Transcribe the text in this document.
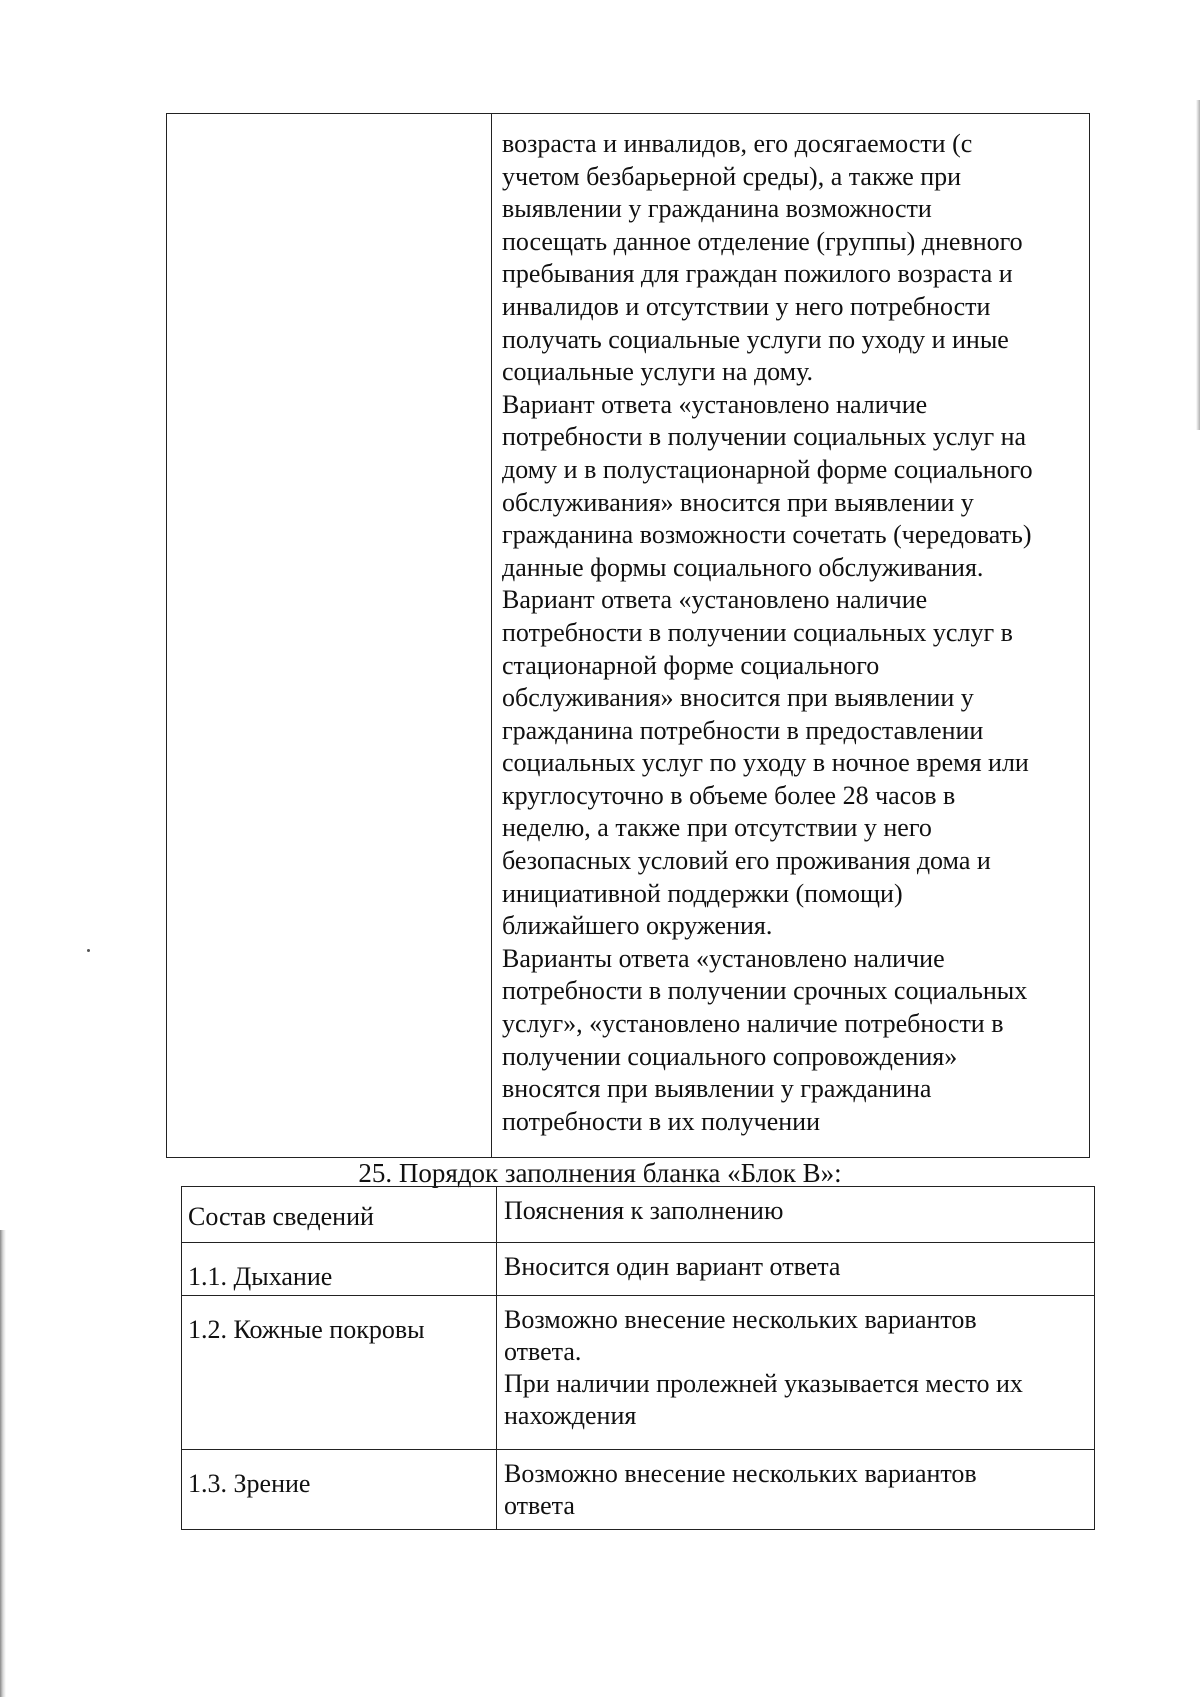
возраста и инвалидов, его досягаемости (с
учетом безбарьерной среды), а также при
выявлении у гражданина возможности
посещать данное отделение (группы) дневного
пребывания для граждан пожилого возраста и
инвалидов и отсутствии у него потребности
получать социальные услуги по уходу и иные
социальные услуги на дому.
Вариант ответа «установлено наличие
потребности в получении социальных услуг на
дому и в полустационарной форме социального
обслуживания» вносится при выявлении у
гражданина возможности сочетать (чередовать)
данные формы социального обслуживания.
Вариант ответа «установлено наличие
потребности в получении социальных услуг в
стационарной форме социального
обслуживания» вносится при выявлении у
гражданина потребности в предоставлении
социальных услуг по уходу в ночное время или
круглосуточно в объеме более 28 часов в
неделю, а также при отсутствии у него
безопасных условий его проживания дома и
инициативной поддержки (помощи)
ближайшего окружения.
Варианты ответа «установлено наличие
потребности в получении срочных социальных
услуг», «установлено наличие потребности в
получении социального сопровождения»
вносятся при выявлении у гражданина
потребности в их получении

25. Порядок заполнения бланка «Блок В»:

Состав сведений	Пояснения к заполнению
1.1. Дыхание	Вносится один вариант ответа
1.2. Кожные покровы	Возможно внесение нескольких вариантов
ответа.
При наличии пролежней указывается место их
нахождения
1.3. Зрение	Возможно внесение нескольких вариантов
ответа
